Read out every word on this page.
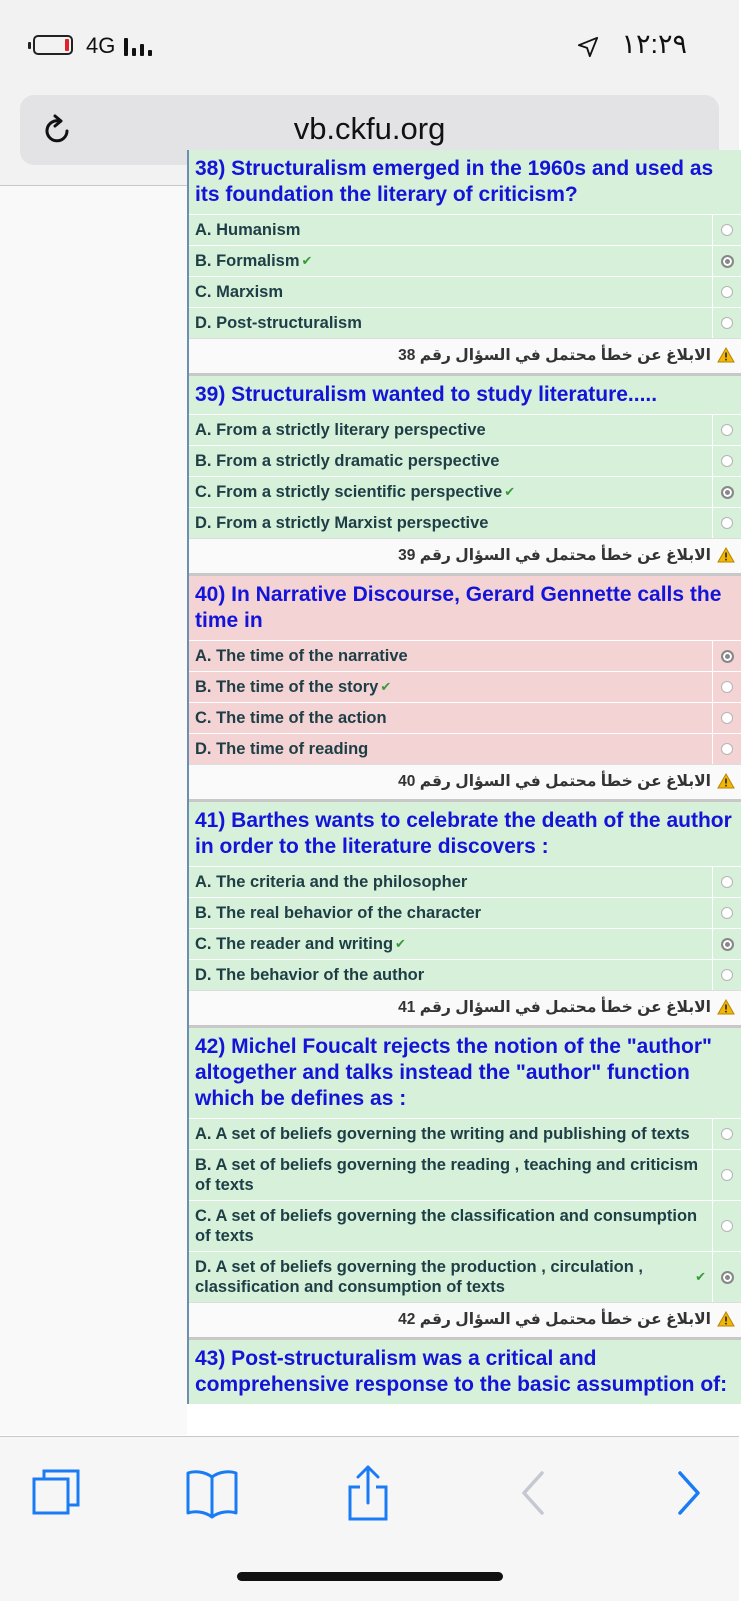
4G	١٢:٢٩
vb.ckfu.org
38) Structuralism emerged in the 1960s and used as its foundation the literary of criticism?
A. Humanism
B. Formalism ✔
C. Marxism
D. Post-structuralism
الابلاغ عن خطأ محتمل في السؤال رقم 38
39) Structuralism wanted to study literature.....
A. From a strictly literary perspective
B. From a strictly dramatic perspective
C. From a strictly scientific perspective ✔
D. From a strictly Marxist perspective
الابلاغ عن خطأ محتمل في السؤال رقم 39
40) In Narrative Discourse, Gerard Gennette calls the time in
A. The time of the narrative
B. The time of the story ✔
C. The time of the action
D. The time of reading
الابلاغ عن خطأ محتمل في السؤال رقم 40
41) Barthes wants to celebrate the death of the author in order to the literature discovers :
A. The criteria and the philosopher
B. The real behavior of the character
C. The reader and writing ✔
D. The behavior of the author
الابلاغ عن خطأ محتمل في السؤال رقم 41
42) Michel Foucalt rejects the notion of the "author" altogether and talks instead the "author" function which be defines as :
A. A set of beliefs governing the writing and publishing of texts
B. A set of beliefs governing the reading , teaching and criticism of texts
C. A set of beliefs governing the classification and consumption of texts
D. A set of beliefs governing the production , circulation , classification and consumption of texts
✔
الابلاغ عن خطأ محتمل في السؤال رقم 42
43) Post-structuralism was a critical and comprehensive response to the basic assumption of:
